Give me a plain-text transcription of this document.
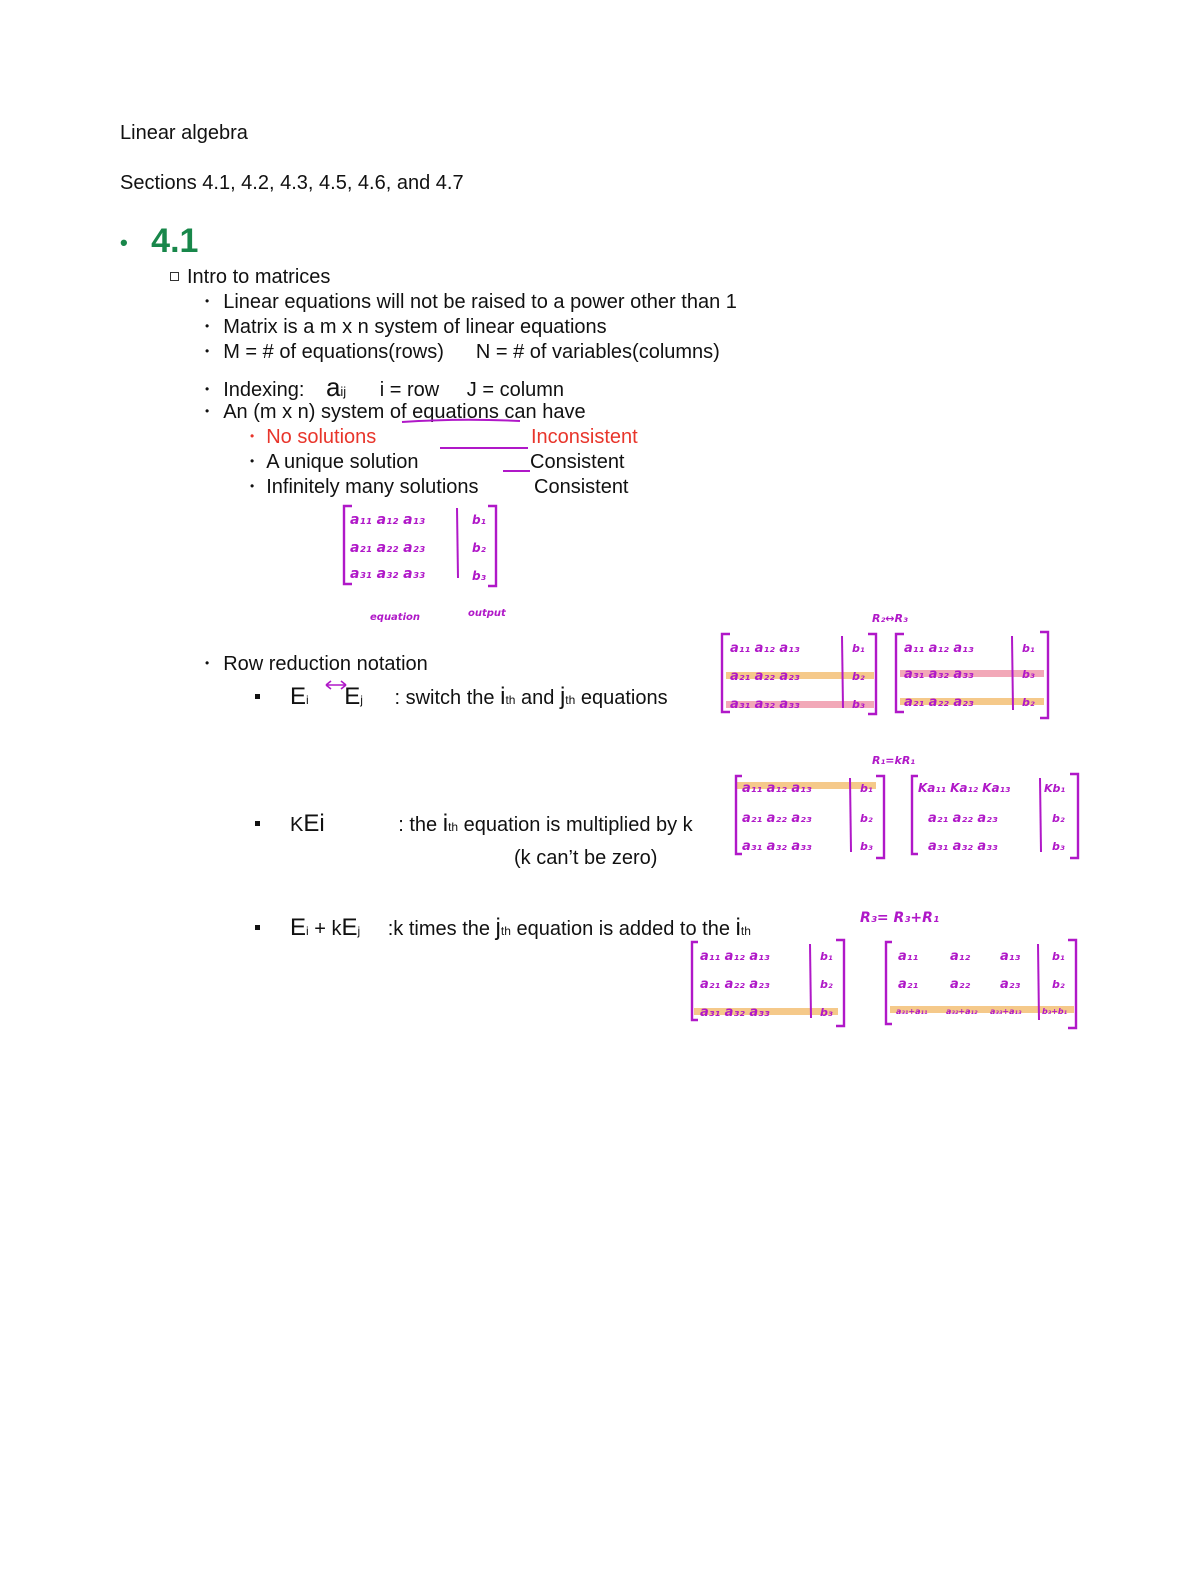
Linear algebra
Sections 4.1, 4.2, 4.3, 4.5, 4.6, and 4.7
• 4.1
Intro to matrices
• Linear equations will not be raised to a power other than 1
• Matrix is a m x n system of linear equations
• M = # of equations(rows) N = # of variables(columns)
• Indexing: aij i = row J = column
• An (m x n) system of equations can have
• No solutions	Inconsistent
• A unique solution	Consistent
• Infinitely many solutions	Consistent
a₁₁ a₁₂ a₁₃	b₁
a₂₁ a₂₂ a₂₃	b₂
a₃₁ a₃₂ a₃₃	b₃
equation	output
• Row reduction notation
Ei Ej : switch the ith and jth equations
KEi	: the ith equation is multiplied by k
(k can’t be zero)
Ei + kEj :k times the jth equation is added to the ith
R₂↔R₃
a₁₁ a₁₂ a₁₃	b₁
a₂₁ a₂₂ a₂₃	b₂
a₃₁ a₃₂ a₃₃	b₃
a₁₁ a₁₂ a₁₃	b₁
a₃₁ a₃₂ a₃₃	b₃
a₂₁ a₂₂ a₂₃	b₂
R₁=kR₁
a₁₁ a₁₂ a₁₃	b₁
a₂₁ a₂₂ a₂₃	b₂
a₃₁ a₃₂ a₃₃	b₃
Ka₁₁ Ka₁₂ Ka₁₃	Kb₁
a₂₁ a₂₂ a₂₃	b₂
a₃₁ a₃₂ a₃₃	b₃
R₃= R₃+R₁
a₁₁ a₁₂ a₁₃	b₁
a₂₁ a₂₂ a₂₃	b₂
a₃₁ a₃₂ a₃₃	b₃
a₁₁ a₁₂ a₁₃	b₁
a₂₁ a₂₂ a₂₃	b₂
a₃₁+a₁₁ a₃₂+a₁₂ a₃₃+a₁₃	b₃+b₁
